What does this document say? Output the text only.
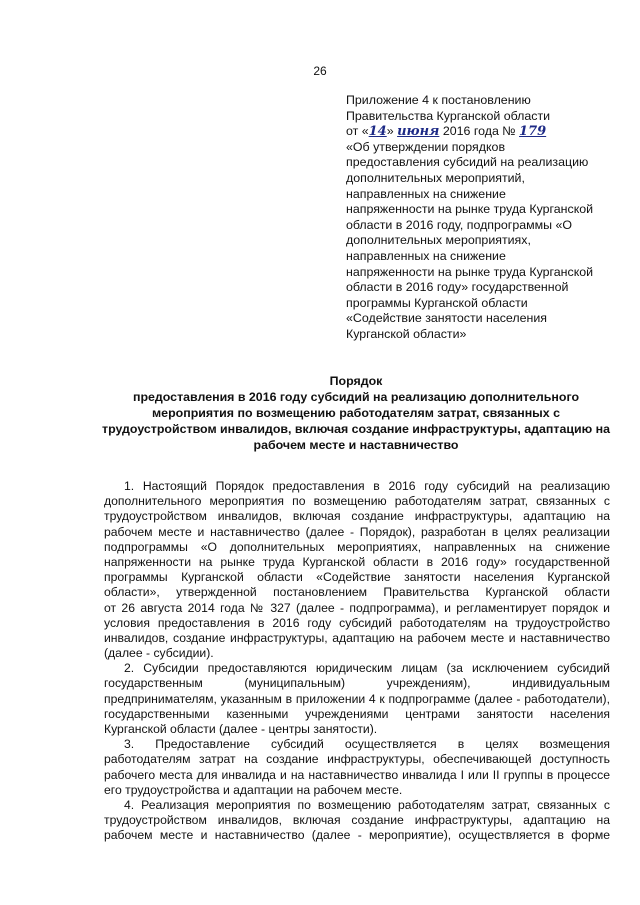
26
Приложение 4 к постановлению
Правительства Курганской области
от «14» июня 2016 года № 179
«Об утверждении порядков
предоставления субсидий на реализацию
дополнительных мероприятий,
направленных на снижение
напряженности на рынке труда Курганской
области в 2016 году, подпрограммы «О
дополнительных мероприятиях,
направленных на снижение
напряженности на рынке труда Курганской
области в 2016 году» государственной
программы Курганской области
«Содействие занятости населения
Курганской области»
Порядок
предоставления в 2016 году субсидий на реализацию дополнительного
мероприятия по возмещению работодателям затрат, связанных с
трудоустройством инвалидов, включая создание инфраструктуры, адаптацию на
рабочем месте и наставничество
1. Настоящий Порядок предоставления в 2016 году субсидий на реализацию
дополнительного мероприятия по возмещению работодателям затрат, связанных с
трудоустройством инвалидов, включая создание инфраструктуры, адаптацию на
рабочем месте и наставничество (далее - Порядок), разработан в целях реализации
подпрограммы «О дополнительных мероприятиях, направленных на снижение
напряженности на рынке труда Курганской области в 2016 году» государственной
программы Курганской области «Содействие занятости населения Курганской
области», утвержденной постановлением Правительства Курганской области
от 26 августа 2014 года № 327 (далее - подпрограмма), и регламентирует порядок и
условия предоставления в 2016 году субсидий работодателям на трудоустройство
инвалидов, создание инфраструктуры, адаптацию на рабочем месте и наставничество
(далее - субсидии).
2. Субсидии предоставляются юридическим лицам (за исключением субсидий
государственным (муниципальным) учреждениям), индивидуальным
предпринимателям, указанным в приложении 4 к подпрограмме (далее - работодатели),
государственными казенными учреждениями центрами занятости населения
Курганской области (далее - центры занятости).
3. Предоставление субсидий осуществляется в целях возмещения
работодателям затрат на создание инфраструктуры, обеспечивающей доступность
рабочего места для инвалида и на наставничество инвалида I или II группы в процессе
его трудоустройства и адаптации на рабочем месте.
4. Реализация мероприятия по возмещению работодателям затрат, связанных с
трудоустройством инвалидов, включая создание инфраструктуры, адаптацию на
рабочем месте и наставничество (далее - мероприятие), осуществляется в форме
